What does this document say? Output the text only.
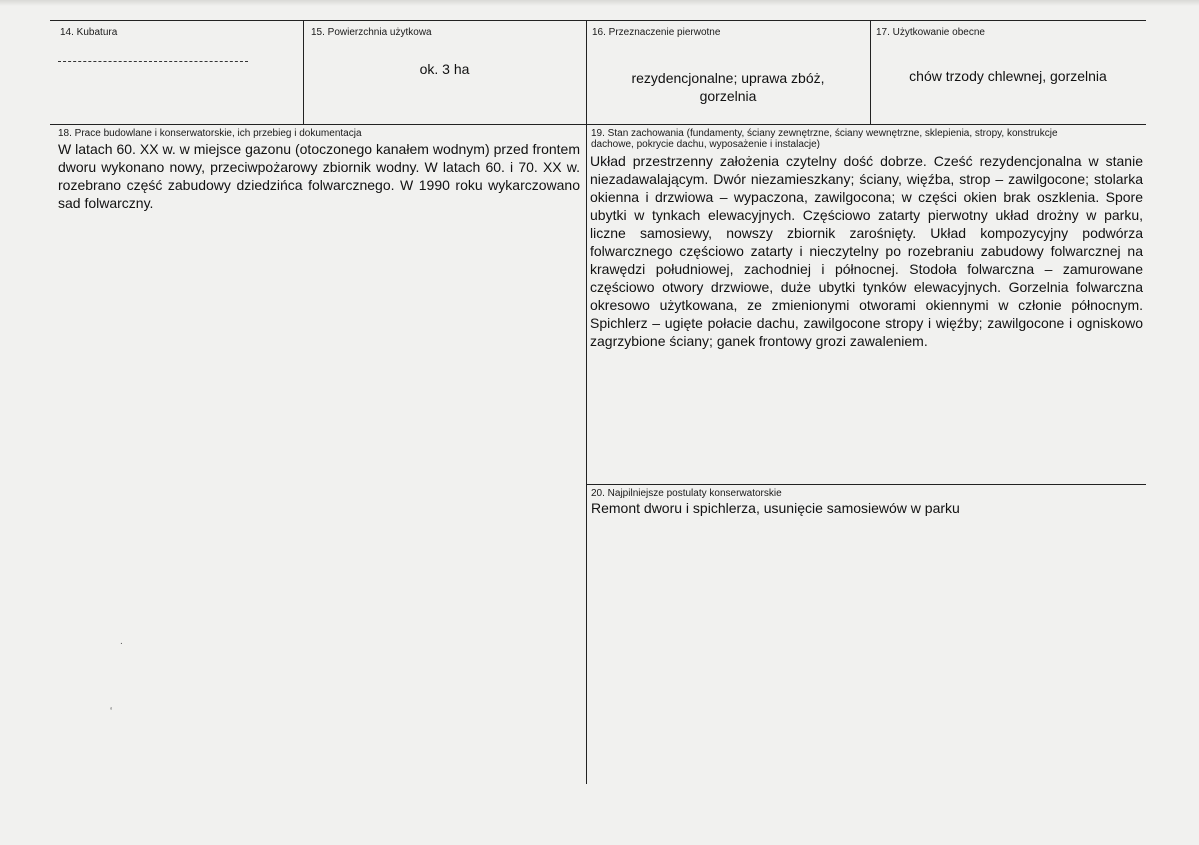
14. Kubatura	15. Powierzchnia użytkowa
ok. 3 ha
16. Przeznaczenie pierwotne
rezydencjonalne; uprawa zbóż, gorzelnia
17. Użytkowanie obecne
chów trzody chlewnej, gorzelnia
18. Prace budowlane i konserwatorskie, ich przebieg i dokumentacja
W latach 60. XX w. w miejsce gazonu (otoczonego kanałem wodnym) przed frontem dworu wykonano nowy, przeciwpożarowy zbiornik wodny. W latach 60. i 70. XX w. rozebrano część zabudowy dziedzińca folwarcznego. W 1990 roku wykarczowano sad folwarczny.
19. Stan zachowania (fundamenty, ściany zewnętrzne, ściany wewnętrzne, sklepienia, stropy, konstrukcje dachowe, pokrycie dachu, wyposażenie i instalacje)
Układ przestrzenny założenia czytelny dość dobrze. Cześć rezydencjonalna w stanie niezadawalającym. Dwór niezamieszkany; ściany, więźba, strop – zawilgocone; stolarka okienna i drzwiowa – wypaczona, zawilgocona; w części okien brak oszklenia. Spore ubytki w tynkach elewacyjnych. Częściowo zatarty pierwotny układ drożny w parku, liczne samosiewy, nowszy zbiornik zarośnięty. Układ kompozycyjny podwórza folwarcznego częściowo zatarty i nieczytelny po rozebraniu zabudowy folwarcznej na krawędzi południowej, zachodniej i północnej. Stodoła folwarczna – zamurowane częściowo otwory drzwiowe, duże ubytki tynków elewacyjnych. Gorzelnia folwarczna okresowo użytkowana, ze zmienionymi otworami okiennymi w członie północnym. Spichlerz – ugięte połacie dachu, zawilgocone stropy i więźby; zawilgocone i ogniskowo zagrzybione ściany; ganek frontowy grozi zawaleniem.
20. Najpilniejsze postulaty konserwatorskie
Remont dworu i spichlerza, usunięcie samosiewów w parku
‘
.
